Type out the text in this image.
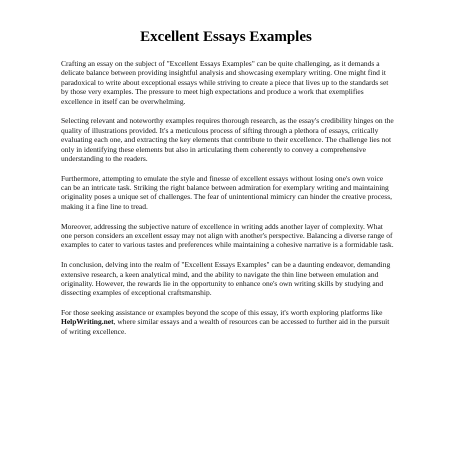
Excellent Essays Examples

Crafting an essay on the subject of "Excellent Essays Examples" can be quite challenging, as it demands a delicate balance between providing insightful analysis and showcasing exemplary writing. One might find it paradoxical to write about exceptional essays while striving to create a piece that lives up to the standards set by those very examples. The pressure to meet high expectations and produce a work that exemplifies excellence in itself can be overwhelming.

Selecting relevant and noteworthy examples requires thorough research, as the essay's credibility hinges on the quality of illustrations provided. It's a meticulous process of sifting through a plethora of essays, critically evaluating each one, and extracting the key elements that contribute to their excellence. The challenge lies not only in identifying these elements but also in articulating them coherently to convey a comprehensive understanding to the readers.

Furthermore, attempting to emulate the style and finesse of excellent essays without losing one's own voice can be an intricate task. Striking the right balance between admiration for exemplary writing and maintaining originality poses a unique set of challenges. The fear of unintentional mimicry can hinder the creative process, making it a fine line to tread.

Moreover, addressing the subjective nature of excellence in writing adds another layer of complexity. What one person considers an excellent essay may not align with another's perspective. Balancing a diverse range of examples to cater to various tastes and preferences while maintaining a cohesive narrative is a formidable task.

In conclusion, delving into the realm of "Excellent Essays Examples" can be a daunting endeavor, demanding extensive research, a keen analytical mind, and the ability to navigate the thin line between emulation and originality. However, the rewards lie in the opportunity to enhance one's own writing skills by studying and dissecting examples of exceptional craftsmanship.

For those seeking assistance or examples beyond the scope of this essay, it's worth exploring platforms like HelpWriting.net, where similar essays and a wealth of resources can be accessed to further aid in the pursuit of writing excellence.
